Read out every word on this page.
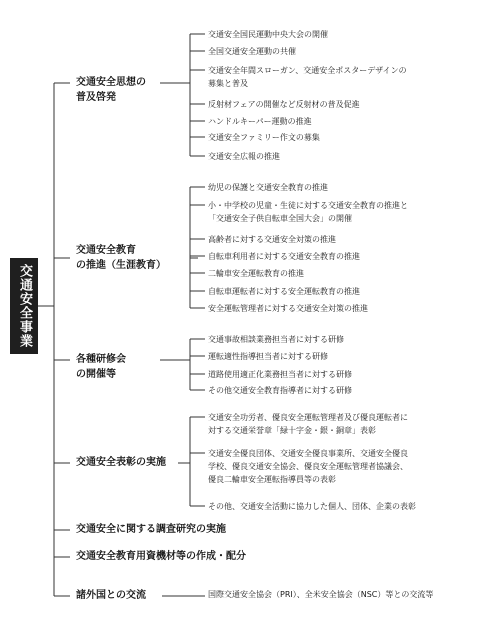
交通安全事業
交通安全思想の
普及啓発
交通安全教育
の推進（生涯教育）
各種研修会
の開催等
交通安全表彰の実施
交通安全に関する調査研究の実施
交通安全教育用資機材等の作成・配分
諸外国との交流
交通安全国民運動中央大会の開催
全国交通安全運動の共催
交通安全年間スローガン、交通安全ポスターデザインの
募集と普及
反射材フェアの開催など反射材の普及促進
ハンドルキーパー運動の推進
交通安全ファミリー作文の募集
交通安全広報の推進
幼児の保護と交通安全教育の推進
小・中学校の児童・生徒に対する交通安全教育の推進と
「交通安全子供自転車全国大会」の開催
高齢者に対する交通安全対策の推進
自転車利用者に対する交通安全教育の推進
二輪車安全運転教育の推進
自転車運転者に対する安全運転教育の推進
安全運転管理者に対する交通安全対策の推進
交通事故相談業務担当者に対する研修
運転適性指導担当者に対する研修
道路使用適正化業務担当者に対する研修
その他交通安全教育指導者に対する研修
交通安全功労者、優良安全運転管理者及び優良運転者に
対する交通栄誉章「緑十字金・銀・銅章」表彰
交通安全優良団体、交通安全優良事業所、交通安全優良
学校、優良交通安全協会、優良安全運転管理者協議会、
優良二輪車安全運転指導員等の表彰
その他、交通安全活動に協力した個人、団体、企業の表彰
国際交通安全協会（PRI）、全米安全協会（NSC）等との交流等
